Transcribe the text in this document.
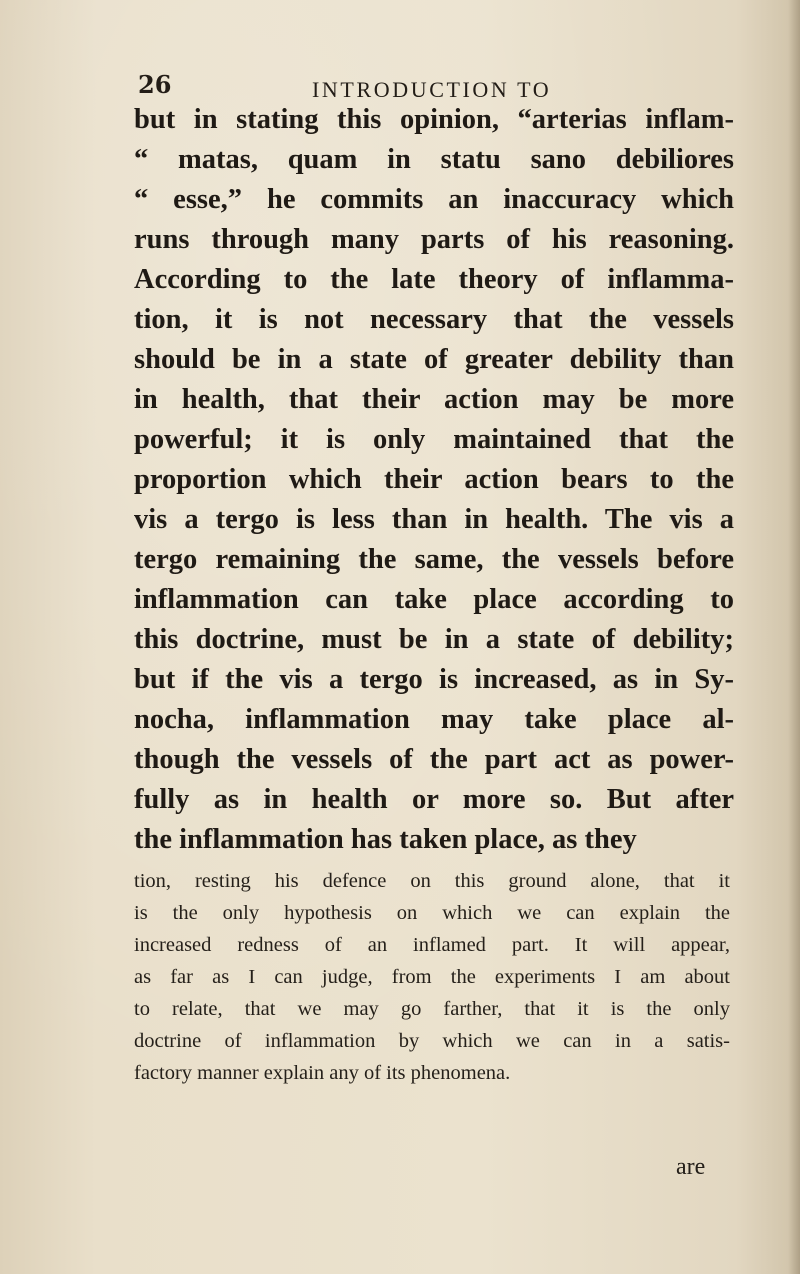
26	INTRODUCTION TO
but in stating this opinion, “arterias inflam-
“ matas, quam in statu sano debiliores
“ esse,” he commits an inaccuracy which
runs through many parts of his reasoning.
According to the late theory of inflamma-
tion, it is not necessary that the vessels
should be in a state of greater debility than
in health, that their action may be more
powerful; it is only maintained that the
proportion which their action bears to the
vis a tergo is less than in health. The vis a
tergo remaining the same, the vessels before
inflammation can take place according to
this doctrine, must be in a state of debility;
but if the vis a tergo is increased, as in Sy-
nocha, inflammation may take place al-
though the vessels of the part act as power-
fully as in health or more so. But after
the inflammation has taken place, as they
tion, resting his defence on this ground alone, that it
is the only hypothesis on which we can explain the
increased redness of an inflamed part. It will appear,
as far as I can judge, from the experiments I am about
to relate, that we may go farther, that it is the only
doctrine of inflammation by which we can in a satis-
factory manner explain any of its phenomena.
are
